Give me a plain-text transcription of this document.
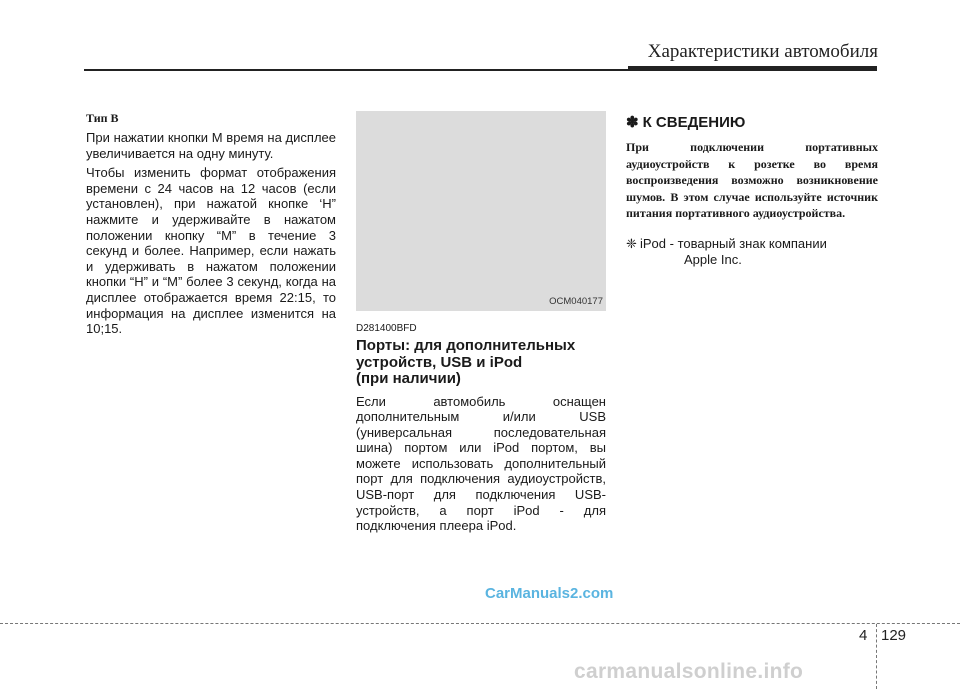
Характеристики автомобиля
Тип B

При нажатии кнопки M время на дисплее увеличивается на одну минуту.

Чтобы изменить формат отображения времени с 24 часов на 12 часов (если установлен), при нажатой кнопке ‘H” нажмите и удерживайте в нажатом положении кнопку “M” в течение 3 секунд и более. Например, если нажать и удерживать в нажатом положении кнопки “H” и “M” более 3 секунд, когда на дисплее отображается время 22:15, то информация на дисплее изменится на 10;15.

OCM040177
D281400BFD
Порты: для дополнительных
устройств, USB и iPod
(при наличии)

Если автомобиль оснащен дополнительным и/или USB (универсальная последовательная шина) портом или iPod портом, вы можете использовать дополнительный порт для подключения аудиоустройств, USB-порт для подключения USB-устройств, а порт iPod - для подключения плеера iPod.

✽ К СВЕДЕНИЮ

При подключении портативных аудиоустройств к розетке во время воспроизведения возможно возникновение шумов. В этом случае используйте источник питания портативного аудиоустройства.

❈ iPod - товарный знак компании
Apple Inc.
CarManuals2.com
4 129
carmanualsonline.info
